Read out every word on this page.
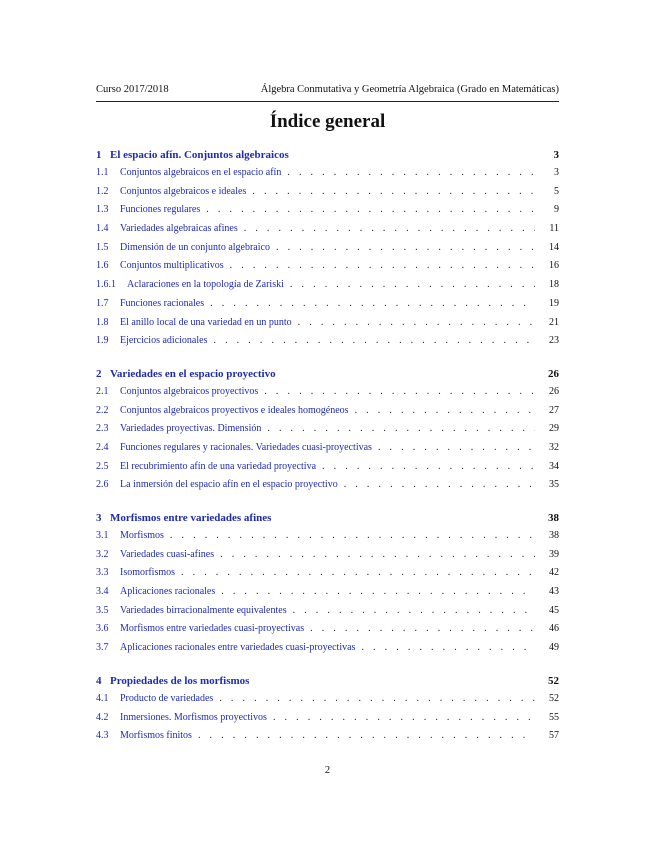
Curso 2017/2018	Álgebra Conmutativa y Geometría Algebraica (Grado en Matemáticas)
Índice general
1 El espacio afín. Conjuntos algebraicos	3
1.1	Conjuntos algebraicos en el espacio afín . . .	3
1.2	Conjuntos algebraicos e ideales . . .	5
1.3	Funciones regulares . . .	9
1.4	Variedades algebraicas afines . . .	11
1.5	Dimensión de un conjunto algebraico . . .	14
1.6	Conjuntos multiplicativos . . .	16
1.6.1	Aclaraciones en la topología de Zariski . . .	18
1.7	Funciones racionales . . .	19
1.8	El anillo local de una variedad en un punto . . .	21
1.9	Ejercicios adicionales . . .	23
2 Variedades en el espacio proyectivo	26
2.1	Conjuntos algebraicos proyectivos . . .	26
2.2	Conjuntos algebraicos proyectivos e ideales homogéneos . . .	27
2.3	Variedades proyectivas. Dimensión . . .	29
2.4	Funciones regulares y racionales. Variedades cuasi-proyectivas . . .	32
2.5	El recubrimiento afín de una variedad proyectiva . . .	34
2.6	La inmersión del espacio afín en el espacio proyectivo . . .	35
3 Morfismos entre variedades afines	38
3.1	Morfismos . . .	38
3.2	Variedades cuasi-afines . . .	39
3.3	Isomorfismos . . .	42
3.4	Aplicaciones racionales . . .	43
3.5	Variedades birracionalmente equivalentes . . .	45
3.6	Morfismos entre variedades cuasi-proyectivas . . .	46
3.7	Aplicaciones racionales entre variedades cuasi-proyectivas . . .	49
4 Propiedades de los morfismos	52
4.1	Producto de variedades . . .	52
4.2	Inmersiones. Morfismos proyectivos . . .	55
4.3	Morfismos finitos . . .	57
2
